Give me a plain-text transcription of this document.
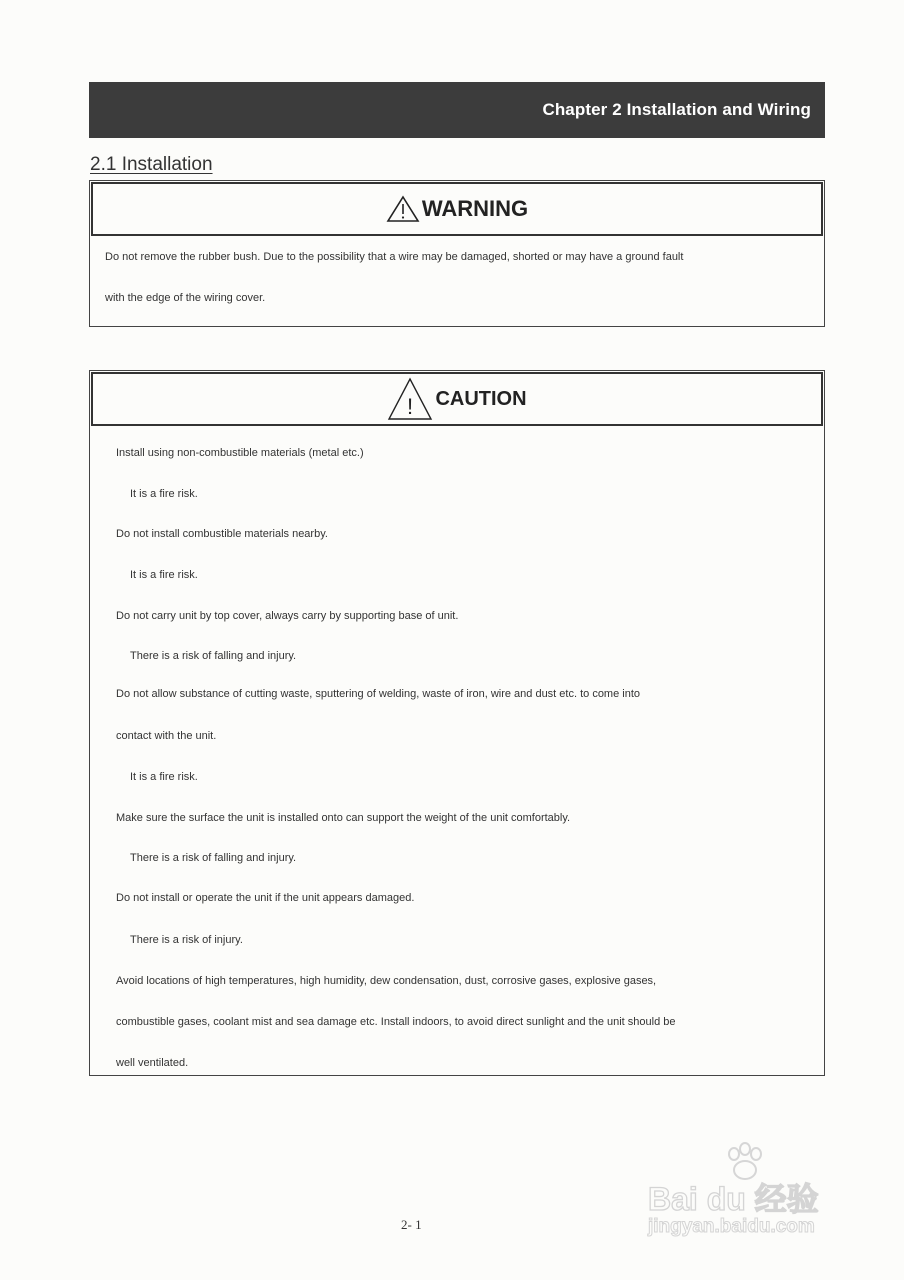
Chapter 2 Installation and Wiring
2.1 Installation
WARNING
Do not remove the rubber bush. Due to the possibility that a wire may be damaged, shorted or may have a ground fault
with the edge of the wiring cover.
! CAUTION
Install using non-combustible materials (metal etc.)
It is a fire risk.
Do not install combustible materials nearby.
It is a fire risk.
Do not carry unit by top cover, always carry by supporting base of unit.
There is a risk of falling and injury.
Do not allow substance of cutting waste, sputtering of welding, waste of iron, wire and dust etc. to come into
contact with the unit.
It is a fire risk.
Make sure the surface the unit is installed onto can support the weight of the unit comfortably.
There is a risk of falling and injury.
Do not install or operate the unit if the unit appears damaged.
There is a risk of injury.
Avoid locations of high temperatures, high humidity, dew condensation, dust, corrosive gases, explosive gases,
combustible gases, coolant mist and sea damage etc. Install indoors, to avoid direct sunlight and the unit should be
well ventilated.
2- 1
Bai du 经验
jingyan.baidu.com
